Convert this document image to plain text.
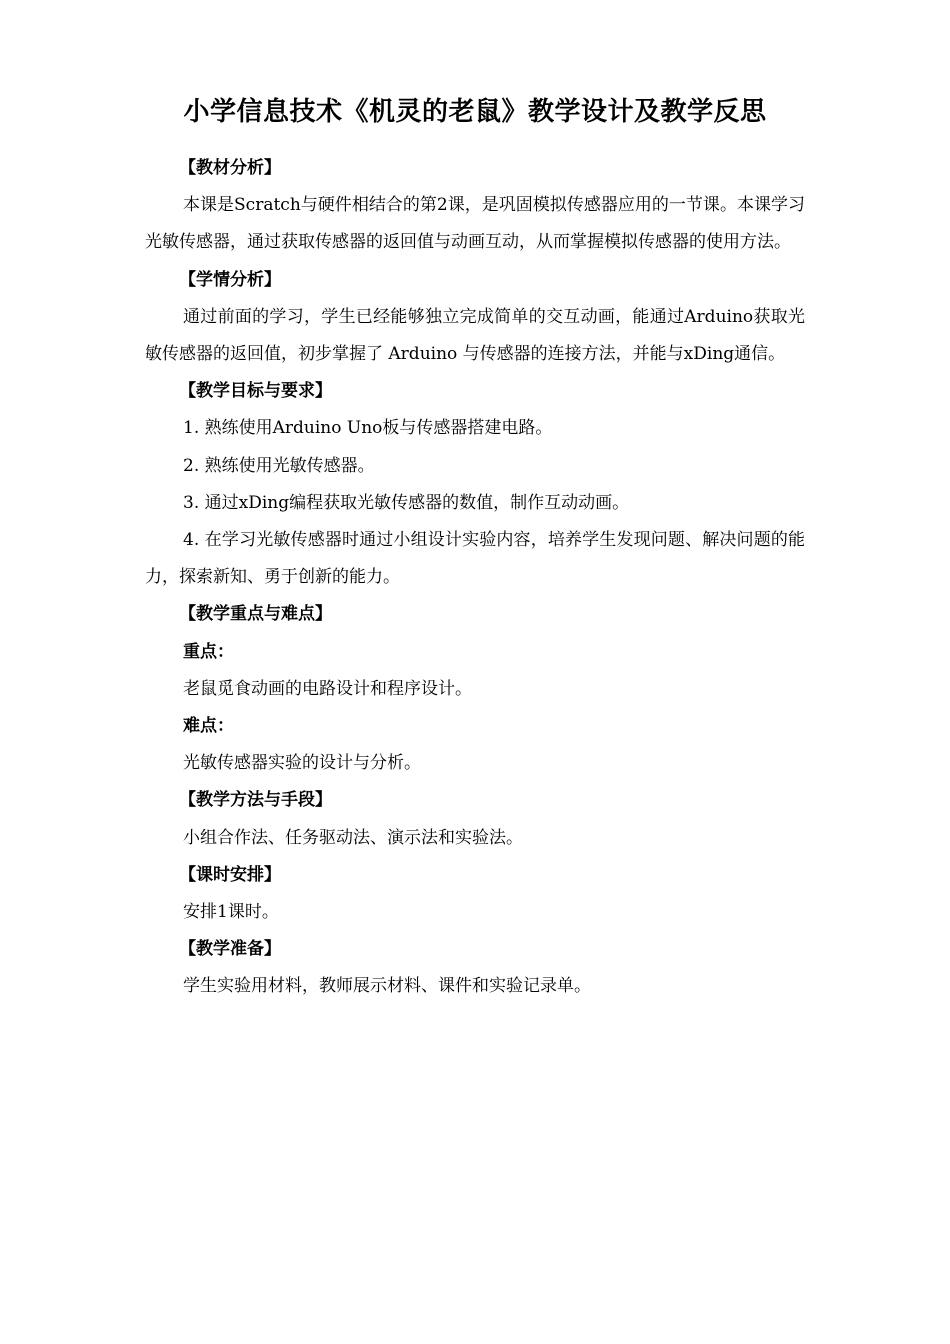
小学信息技术《机灵的老鼠》教学设计及教学反思

【教材分析】

本课是Scratch与硬件相结合的第2课，是巩固模拟传感器应用的一节课。本课学习光敏传感器，通过获取传感器的返回值与动画互动，从而掌握模拟传感器的使用方法。

【学情分析】

通过前面的学习，学生已经能够独立完成简单的交互动画，能通过Arduino获取光敏传感器的返回值，初步掌握了 Arduino 与传感器的连接方法，并能与xDing通信。

【教学目标与要求】

1. 熟练使用Arduino Uno板与传感器搭建电路。

2. 熟练使用光敏传感器。

3. 通过xDing编程获取光敏传感器的数值，制作互动动画。

4. 在学习光敏传感器时通过小组设计实验内容，培养学生发现问题、解决问题的能力，探索新知、勇于创新的能力。

【教学重点与难点】

重点：

老鼠觅食动画的电路设计和程序设计。

难点：

光敏传感器实验的设计与分析。

【教学方法与手段】

小组合作法、任务驱动法、演示法和实验法。

【课时安排】

安排1课时。

【教学准备】

学生实验用材料，教师展示材料、课件和实验记录单。
